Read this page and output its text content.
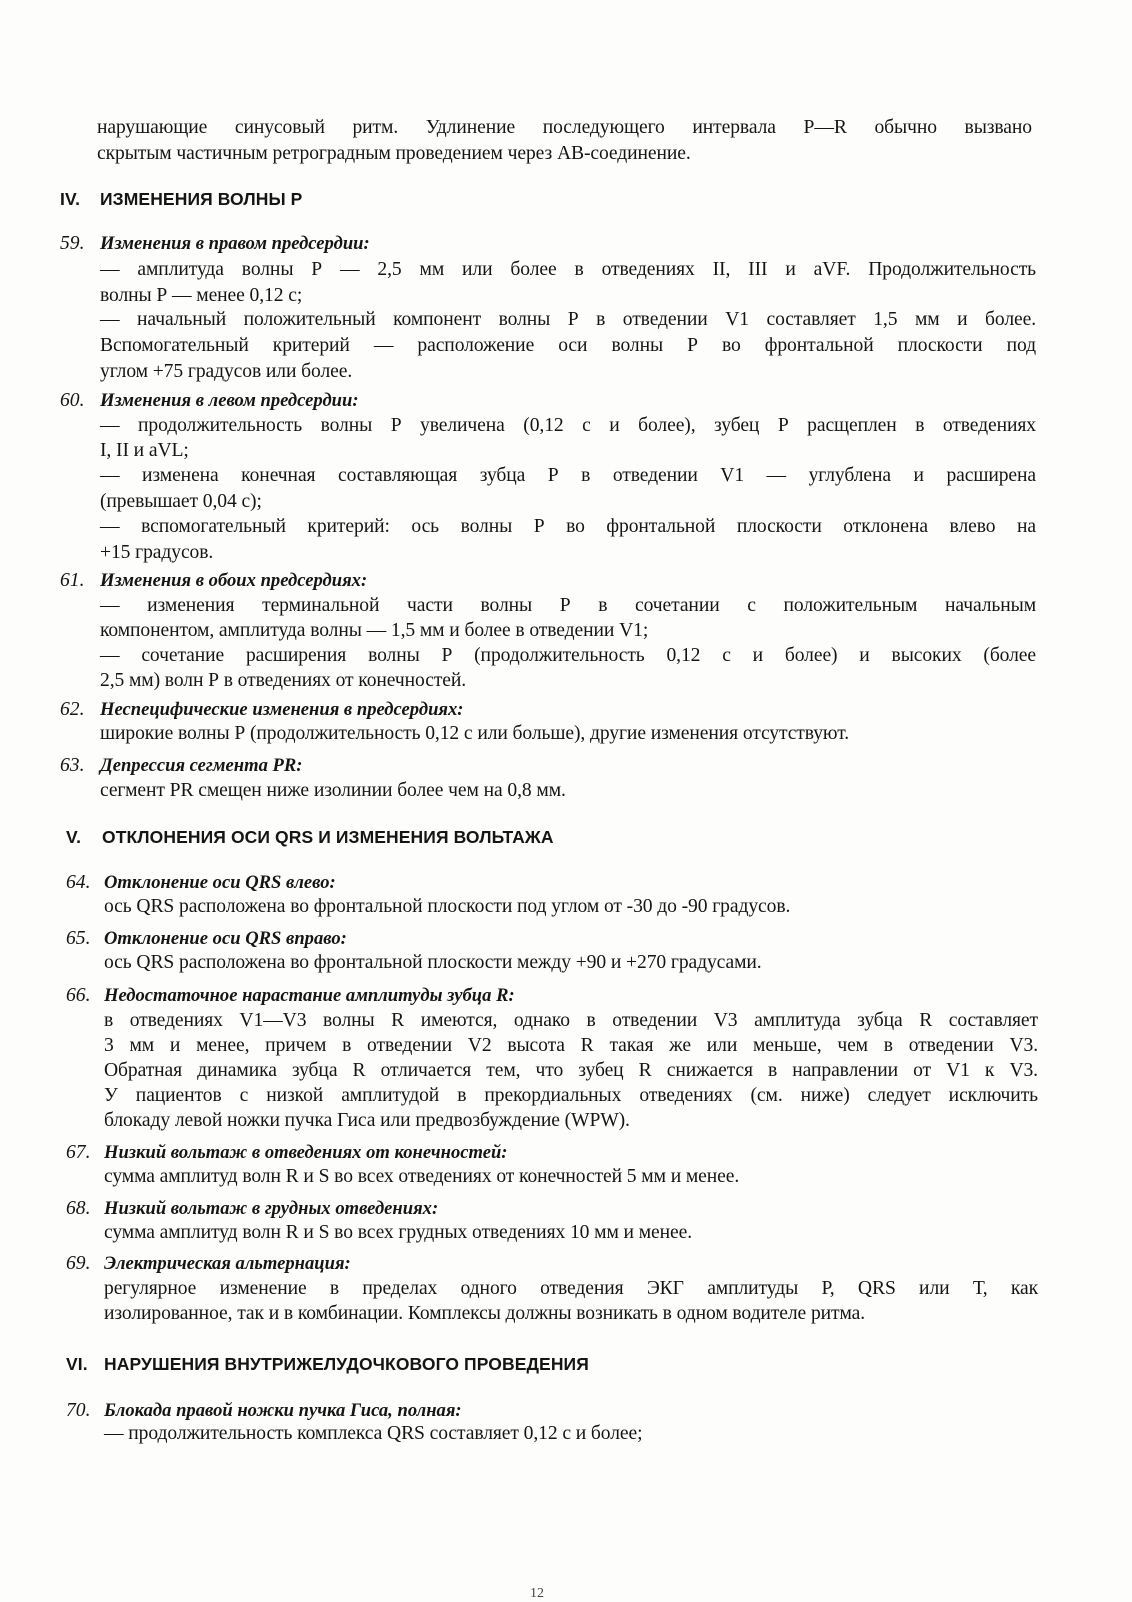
нарушающие синусовый ритм. Удлинение последующего интервала P—R обычно вызвано
скрытым частичным ретроградным проведением через АВ-соединение.
IV. ИЗМЕНЕНИЯ ВОЛНЫ Р
59. Изменения в правом предсердии:
— амплитуда волны Р — 2,5 мм или более в отведениях II, III и aVF. Продолжительность
волны Р — менее 0,12 с;
— начальный положительный компонент волны Р в отведении V1 составляет 1,5 мм и более.
Вспомогательный критерий — расположение оси волны Р во фронтальной плоскости под
углом +75 градусов или более.
60. Изменения в левом предсердии:
— продолжительность волны Р увеличена (0,12 с и более), зубец Р расщеплен в отведениях
I, II и aVL;
— изменена конечная составляющая зубца Р в отведении V1 — углублена и расширена
(превышает 0,04 с);
— вспомогательный критерий: ось волны Р во фронтальной плоскости отклонена влево на
+15 градусов.
61. Изменения в обоих предсердиях:
— изменения терминальной части волны Р в сочетании с положительным начальным
компонентом, амплитуда волны — 1,5 мм и более в отведении V1;
— сочетание расширения волны Р (продолжительность 0,12 с и более) и высоких (более
2,5 мм) волн Р в отведениях от конечностей.
62. Неспецифические изменения в предсердиях:
широкие волны Р (продолжительность 0,12 с или больше), другие изменения отсутствуют.
63. Депрессия сегмента PR:
сегмент PR смещен ниже изолинии более чем на 0,8 мм.
V. ОТКЛОНЕНИЯ ОСИ QRS И ИЗМЕНЕНИЯ ВОЛЬТАЖА
64. Отклонение оси QRS влево:
ось QRS расположена во фронтальной плоскости под углом от -30 до -90 градусов.
65. Отклонение оси QRS вправо:
ось QRS расположена во фронтальной плоскости между +90 и +270 градусами.
66. Недостаточное нарастание амплитуды зубца R:
в отведениях V1—V3 волны R имеются, однако в отведении V3 амплитуда зубца R составляет
3 мм и менее, причем в отведении V2 высота R такая же или меньше, чем в отведении V3.
Обратная динамика зубца R отличается тем, что зубец R снижается в направлении от V1 к V3.
У пациентов с низкой амплитудой в прекордиальных отведениях (см. ниже) следует исключить
блокаду левой ножки пучка Гиса или предвозбуждение (WPW).
67. Низкий вольтаж в отведениях от конечностей:
сумма амплитуд волн R и S во всех отведениях от конечностей 5 мм и менее.
68. Низкий вольтаж в грудных отведениях:
сумма амплитуд волн R и S во всех грудных отведениях 10 мм и менее.
69. Электрическая альтернация:
регулярное изменение в пределах одного отведения ЭКГ амплитуды Р, QRS или Т, как
изолированное, так и в комбинации. Комплексы должны возникать в одном водителе ритма.
VI. НАРУШЕНИЯ ВНУТРИЖЕЛУДОЧКОВОГО ПРОВЕДЕНИЯ
70. Блокада правой ножки пучка Гиса, полная:
— продолжительность комплекса QRS составляет 0,12 с и более;
12
